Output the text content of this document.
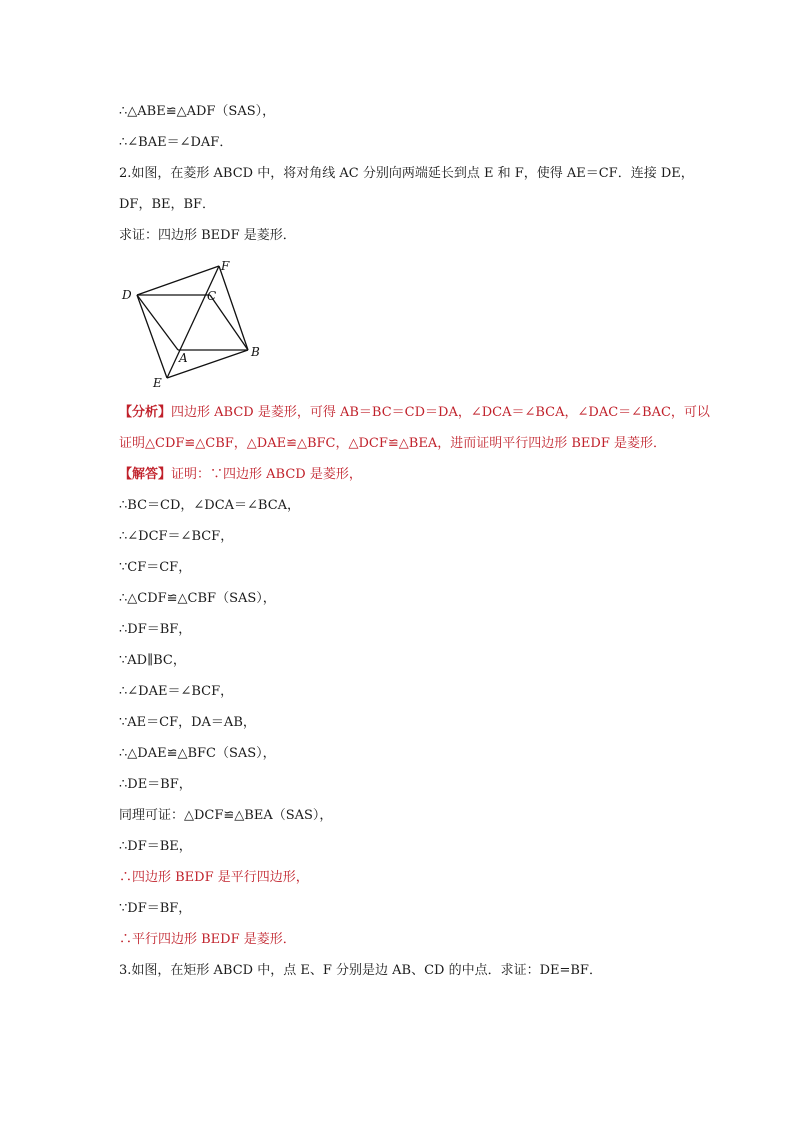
∴△ABE≌△ADF（SAS），
∴∠BAE＝∠DAF．
2.如图，在菱形 ABCD 中，将对角线 AC 分别向两端延长到点 E 和 F，使得 AE＝CF．连接 DE，
DF，BE，BF．
求证：四边形 BEDF 是菱形．
D	C
F
A	B
E
【分析】四边形 ABCD 是菱形，可得 AB＝BC＝CD＝DA，∠DCA＝∠BCA，∠DAC＝∠BAC，可以
证明△CDF≌△CBF，△DAE≌△BFC，△DCF≌△BEA，进而证明平行四边形 BEDF 是菱形．
【解答】证明：∵四边形 ABCD 是菱形，
∴BC＝CD，∠DCA＝∠BCA，
∴∠DCF＝∠BCF，
∵CF＝CF，
∴△CDF≌△CBF（SAS），
∴DF＝BF，
∵AD∥BC，
∴∠DAE＝∠BCF，
∵AE＝CF，DA＝AB，
∴△DAE≌△BFC（SAS），
∴DE＝BF，
同理可证：△DCF≌△BEA（SAS），
∴DF＝BE，
∴四边形 BEDF 是平行四边形，
∵DF＝BF，
∴平行四边形 BEDF 是菱形．
3.如图，在矩形 ABCD 中，点 E、F 分别是边 AB、CD 的中点．求证：DE=BF．
